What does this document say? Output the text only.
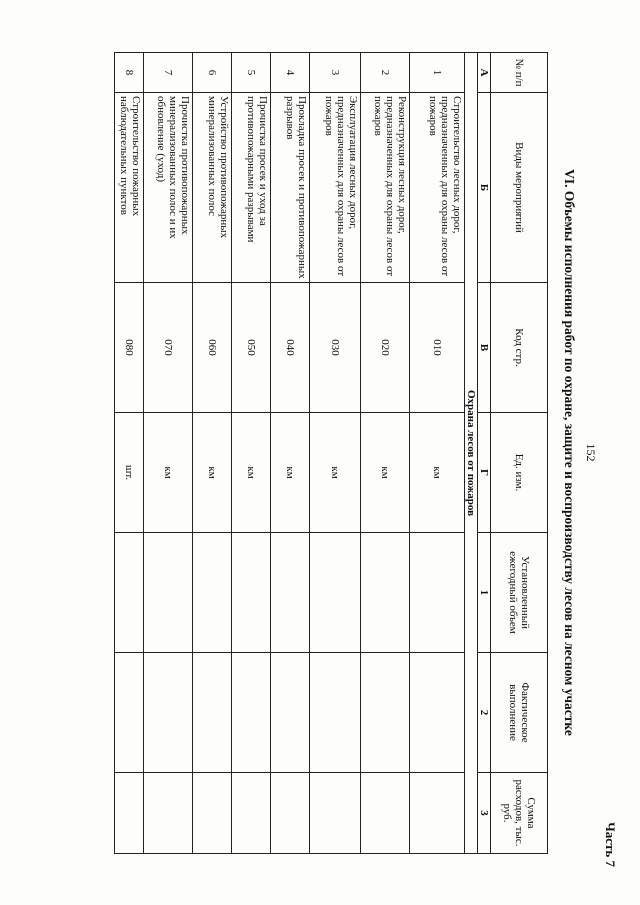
Часть 7
152
VI. Объемы исполнения работ по охране, защите и воспроизводству лесов на лесном участке
№ п/п	Виды мероприятий	Код стр.	Ед. изм.	Установленный ежегодный объем	Фактическое выполнение	Сумма расходов, тыс. руб.
А	Б	В	Г	1	2	3
Охрана лесов от пожаров						
1	Строительство лесных дорог, предназначенных для охраны лесов от пожаров	010	км			
2	Реконструкция лесных дорог, предназначенных для охраны лесов от пожаров	020	км			
3	Эксплуатация лесных дорог, предназначенных для охраны лесов от пожаров	030	км			
4	Прокладка просек и противопожарных разрывов	040	км			
5	Прочистка просек и уход за противопожарными разрывами	050	км			
6	Устройство противопожарных минерализованных полос	060	км			
7	Прочистка противопожарных минерализованных полос и их обновление (уход)	070	км			
8	Строительство пожарных наблюдательных пунктов	080	шт.			
